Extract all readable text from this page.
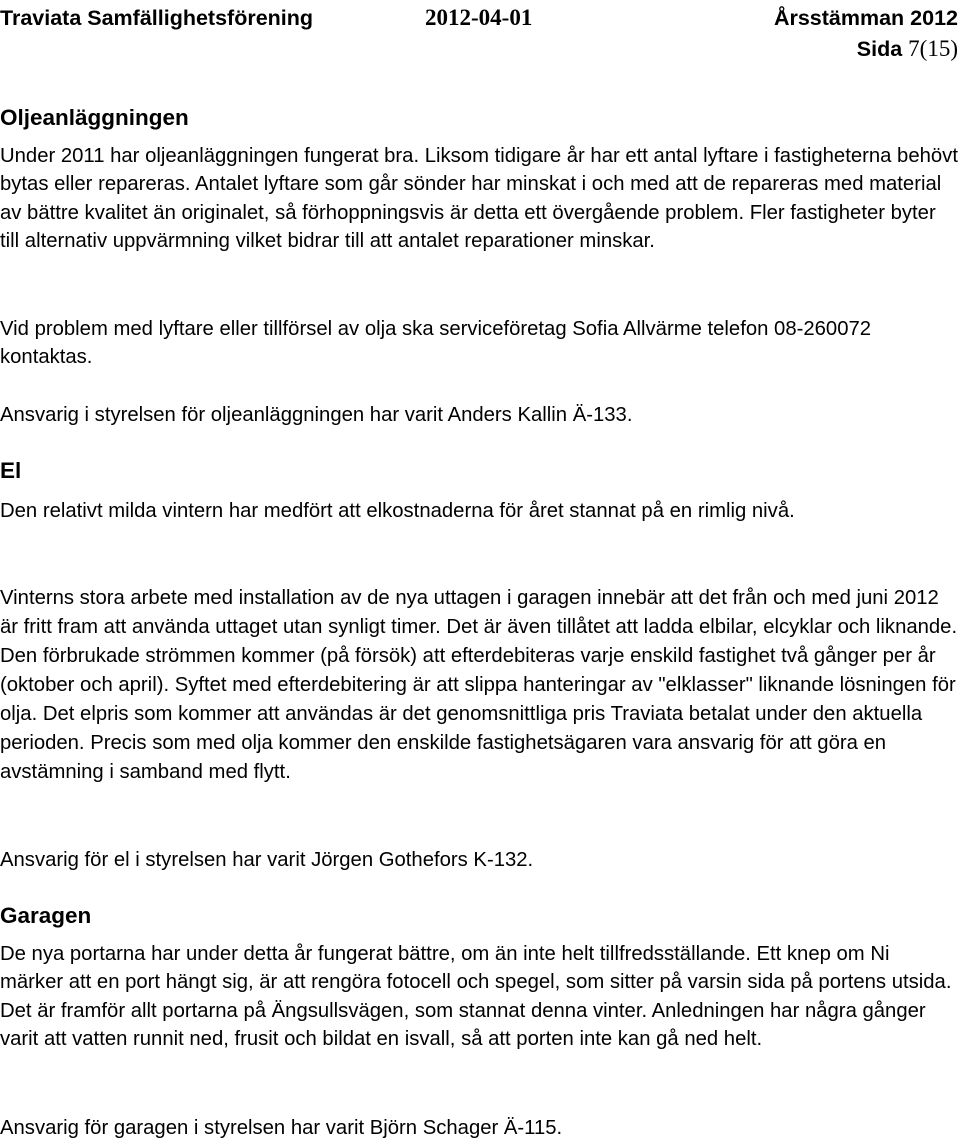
Traviata Samfällighetsförening	2012-04-01	Årsstämman 2012
Sida 7(15)
Oljeanläggningen

Under 2011 har oljeanläggningen fungerat bra. Liksom tidigare år har ett antal lyftare i fastigheterna behövt bytas eller repareras. Antalet lyftare som går sönder har minskat i och med att de repareras med material av bättre kvalitet än originalet, så förhoppningsvis är detta ett övergående problem. Fler fastigheter byter till alternativ uppvärmning vilket bidrar till att antalet reparationer minskar.

Vid problem med lyftare eller tillförsel av olja ska serviceföretag Sofia Allvärme telefon 08-260072 kontaktas.

Ansvarig i styrelsen för oljeanläggningen har varit Anders Kallin Ä-133.

El

Den relativt milda vintern har medfört att elkostnaderna för året stannat på en rimlig nivå.

Vinterns stora arbete med installation av de nya uttagen i garagen innebär att det från och med juni 2012 är fritt fram att använda uttaget utan synligt timer. Det är även tillåtet att ladda elbilar, elcyklar och liknande. Den förbrukade strömmen kommer (på försök) att efterdebiteras varje enskild fastighet två gånger per år (oktober och april). Syftet med efterdebitering är att slippa hanteringar av "elklasser" liknande lösningen för olja. Det elpris som kommer att användas är det genomsnittliga pris Traviata betalat under den aktuella perioden. Precis som med olja kommer den enskilde fastighetsägaren vara ansvarig för att göra en avstämning i samband med flytt.

Ansvarig för el i styrelsen har varit Jörgen Gothefors K-132.

Garagen

De nya portarna har under detta år fungerat bättre, om än inte helt tillfredsställande. Ett knep om Ni märker att en port hängt sig, är att rengöra fotocell och spegel, som sitter på varsin sida på portens utsida. Det är framför allt portarna på Ängsullsvägen, som stannat denna vinter. Anledningen har några gånger varit att vatten runnit ned, frusit och bildat en isvall, så att porten inte kan gå ned helt.

Ansvarig för garagen i styrelsen har varit Björn Schager Ä-115.
